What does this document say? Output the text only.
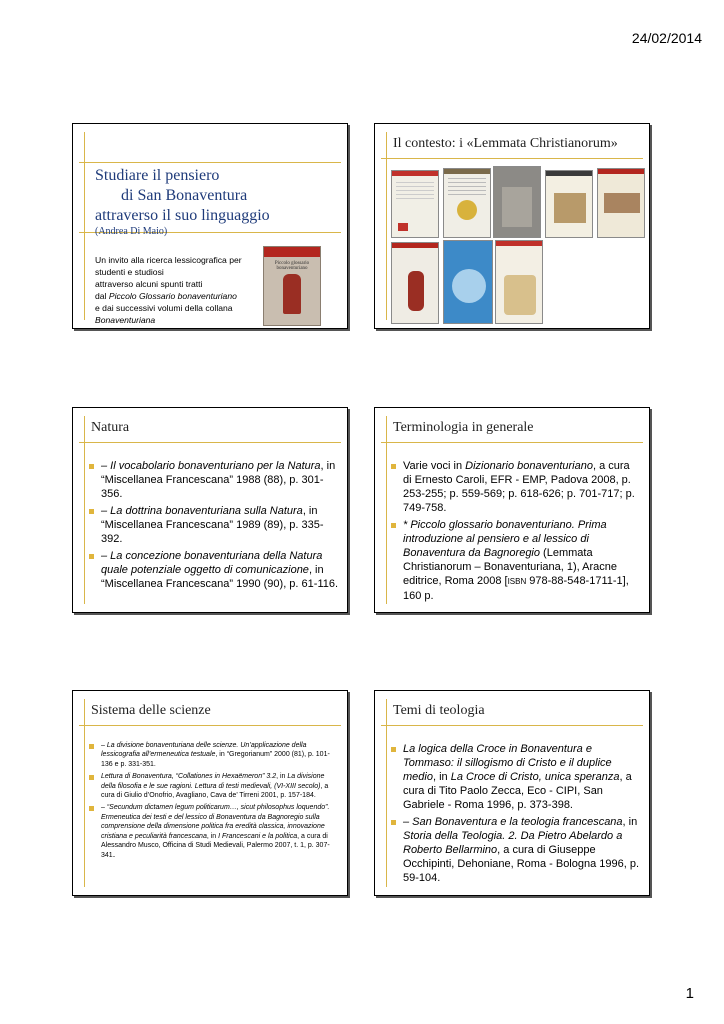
24/02/2014
Studiare il pensiero
di San Bonaventura
attraverso il suo linguaggio
(Andrea Di Maio)
Un invito alla ricerca lessicografica per
studenti e studiosi
attraverso alcuni spunti tratti
dal Piccolo Glossario bonaventuriano
e dai successivi volumi della collana
Bonaventuriana
Piccolo glossario
bonaventuriano
Il contesto: i «Lemmata Christianorum»
Natura
– Il vocabolario bonaventuriano per la Natura, in “Miscellanea Francescana” 1988 (88), p. 301-356.
– La dottrina bonaventuriana sulla Natura, in “Miscellanea Francescana” 1989 (89), p. 335-392.
– La concezione bonaventuriana della Natura quale potenziale oggetto di comunicazione, in “Miscellanea Francescana” 1990 (90), p. 61-116.
Terminologia in generale
Varie voci in Dizionario bonaventuriano, a cura di Ernesto Caroli, EFR - EMP, Padova 2008, p. 253-255; p. 559-569; p. 618-626; p. 701-717; p. 749-758.
* Piccolo glossario bonaventuriano. Prima introduzione al pensiero e al lessico di Bonaventura da Bagnoregio (Lemmata Christianorum – Bonaventuriana, 1), Aracne editrice, Roma 2008 [ISBN 978-88-548-1711-1], 160 p.
Sistema delle scienze
– La divisione bonaventuriana delle scienze. Un’applicazione della lessicografia all’ermeneutica testuale, in “Gregorianum” 2000 (81), p. 101-136 e p. 331-351.
Lettura di Bonaventura, “Collationes in Hexaëmeron” 3.2, in La divisione della filosofia e le sue ragioni. Lettura di testi medievali, (VI-XIII secolo), a cura di Giulio d’Onofrio, Avagliano, Cava de’ Tirreni 2001, p. 157-184.
– “Secundum dictamen legum politicarum…, sicut philosophus loquendo”. Ermeneutica dei testi e del lessico di Bonaventura da Bagnoregio sulla comprensione della dimensione politica fra eredità classica, innovazione cristiana e peculiarità francescana, in I Francescani e la politica, a cura di Alessandro Musco, Officina di Studi Medievali, Palermo 2007, t. 1, p. 307-341.
Temi di teologia
La logica della Croce in Bonaventura e Tommaso: il sillogismo di Cristo e il duplice medio, in La Croce di Cristo, unica speranza, a cura di Tito Paolo Zecca, Eco - CIPI, San Gabriele - Roma 1996, p. 373-398.
– San Bonaventura e la teologia francescana, in Storia della Teologia. 2. Da Pietro Abelardo a Roberto Bellarmino, a cura di Giuseppe Occhipinti, Dehoniane, Roma - Bologna 1996, p. 59-104.
1
